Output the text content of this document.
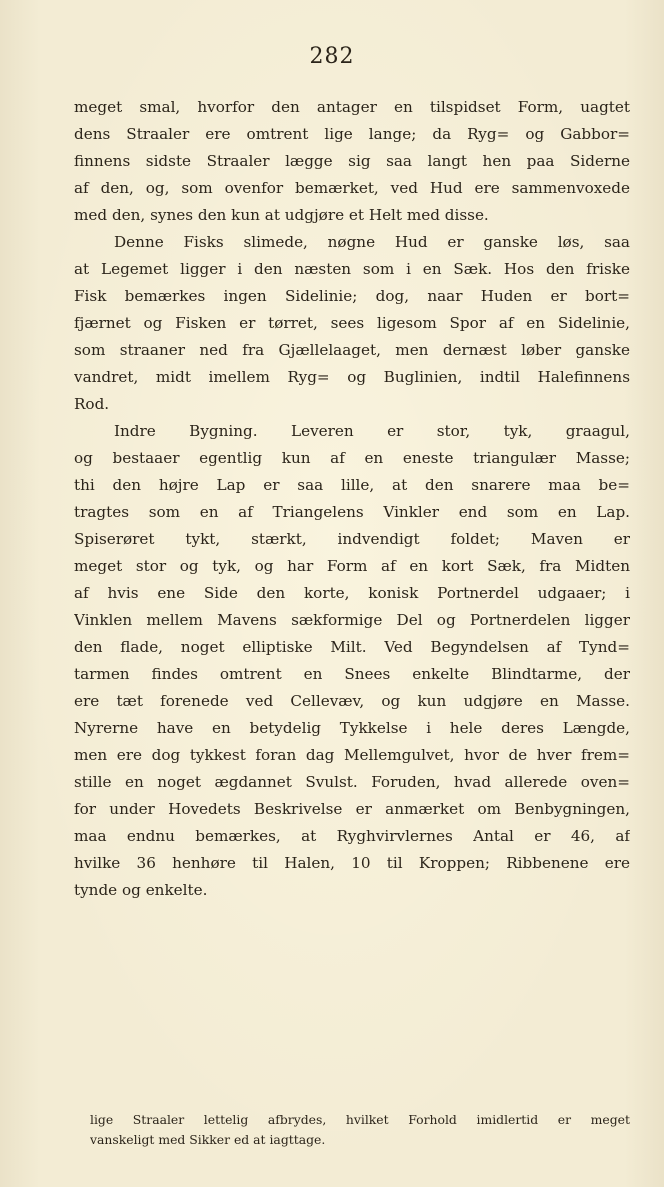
282
meget smal, hvorfor den antager en tilspidset Form, uagtet
dens Straaler ere omtrent lige lange; da Ryg= og Gabbor=
finnens sidste Straaler lægge sig saa langt hen paa Siderne
af den, og, som ovenfor bemærket, ved Hud ere sammenvoxede
med den, synes den kun at udgjøre et Helt med disse.
Denne Fisks slimede, nøgne Hud er ganske løs, saa
at Legemet ligger i den næsten som i en Sæk. Hos den friske
Fisk bemærkes ingen Sidelinie; dog, naar Huden er bort=
fjærnet og Fisken er tørret, sees ligesom Spor af en Sidelinie,
som straaner ned fra Gjællelaaget, men dernæst løber ganske
vandret, midt imellem Ryg= og Buglinien, indtil Halefinnens
Rod.
Indre Bygning. Leveren er stor, tyk, graagul,
og bestaaer egentlig kun af en eneste triangulær Masse;
thi den højre Lap er saa lille, at den snarere maa be=
tragtes som en af Triangelens Vinkler end som en Lap.
Spiserøret tykt, stærkt, indvendigt foldet; Maven er
meget stor og tyk, og har Form af en kort Sæk, fra Midten
af hvis ene Side den korte, konisk Portnerdel udgaaer; i
Vinklen mellem Mavens sækformige Del og Portnerdelen ligger
den flade, noget elliptiske Milt. Ved Begyndelsen af Tynd=
tarmen findes omtrent en Snees enkelte Blindtarme, der
ere tæt forenede ved Cellevæv, og kun udgjøre en Masse.
Nyrerne have en betydelig Tykkelse i hele deres Længde,
men ere dog tykkest foran dag Mellemgulvet, hvor de hver frem=
stille en noget ægdannet Svulst. Foruden, hvad allerede oven=
for under Hovedets Beskrivelse er anmærket om Benbygningen,
maa endnu bemærkes, at Ryghvirvlernes Antal er 46, af
hvilke 36 henhøre til Halen, 10 til Kroppen; Ribbenene ere
tynde og enkelte.
lige Straaler lettelig afbrydes, hvilket Forhold imidlertid er meget
vanskeligt med Sikker ed at iagttage.
